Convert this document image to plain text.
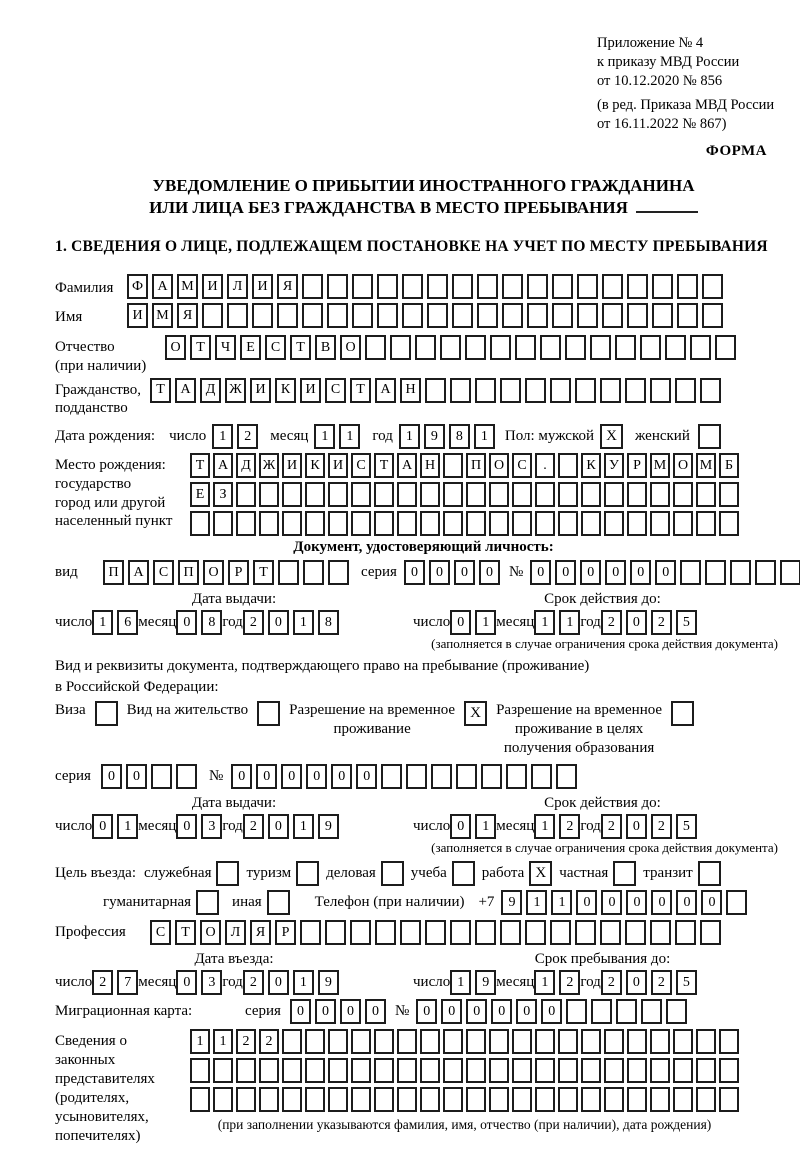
Приложение № 4
к приказу МВД России
от 10.12.2020 № 856
(в ред. Приказа МВД России
от 16.11.2022 № 867)
ФОРМА
УВЕДОМЛЕНИЕ О ПРИБЫТИИ ИНОСТРАННОГО ГРАЖДАНИНА
ИЛИ ЛИЦА БЕЗ ГРАЖДАНСТВА В МЕСТО ПРЕБЫВАНИЯ
1. СВЕДЕНИЯ О ЛИЦЕ, ПОДЛЕЖАЩЕМ ПОСТАНОВКЕ НА УЧЕТ ПО МЕСТУ ПРЕБЫВАНИЯ
Фамилия	Ф	А М И	Л	И	Я
Имя	И М	Я
Отчество
(при наличии)
О	Т	Ч	Е	С	Т	В	О
Гражданство,
подданство
Т	А	Д Ж И	К	И	С	Т	А	Н
Дата рождения: число 1	2	месяц 1	1	год 1	9	8	1	Пол: мужской X	женский
Место рождения:
государство
город или другой
населенный пункт
Т А Д Ж И К И С	Т А Н	П О С	.	К У	Р М О М Б
Е	З
Документ, удостоверяющий личность:
вид	П	А	С	П	О	Р	Т	серия	0	0	0	0	№	0	0	0	0	0	0
Дата выдачи:
число 1	6 месяц 0	8 год 2	0	1	8
Срок действия до:
число 0	1 месяц 1	1 год 2	0	2	5
(заполняется в случае ограничения срока действия документа)
Вид и реквизиты документа, подтверждающего право на пребывание (проживание)
в Российской Федерации:
Виза	Вид на жительство	Разрешение на временное
проживание
X	Разрешение на временное
проживание в целях
получения образования
серия	0	0	№	0	0	0	0	0	0
Дата выдачи:
число 0	1 месяц 0	3 год 2	0	1	9
Срок действия до:
число 0	1 месяц 1	2 год 2	0	2	5
(заполняется в случае ограничения срока действия документа)
Цель въезда: служебная туризм деловая учеба работа X частная транзит
гуманитарная	иная	Телефон (при наличии) +7	9	1	1	0	0	0	0	0	0
Профессия	С	Т	О	Л	Я	Р
Дата въезда:
число 2	7 месяц 0	3 год 2	0	1	9
Срок пребывания до:
число 1	9 месяц 1	2 год 2	0	2	5
Миграционная карта:	серия	0	0	0	0	№	0	0	0	0	0	0
Сведения о
законных
представителях
(родителях,
усыновителях,
попечителях)
1	1	2	2
(при заполнении указываются фамилия, имя, отчество (при наличии), дата рождения)
